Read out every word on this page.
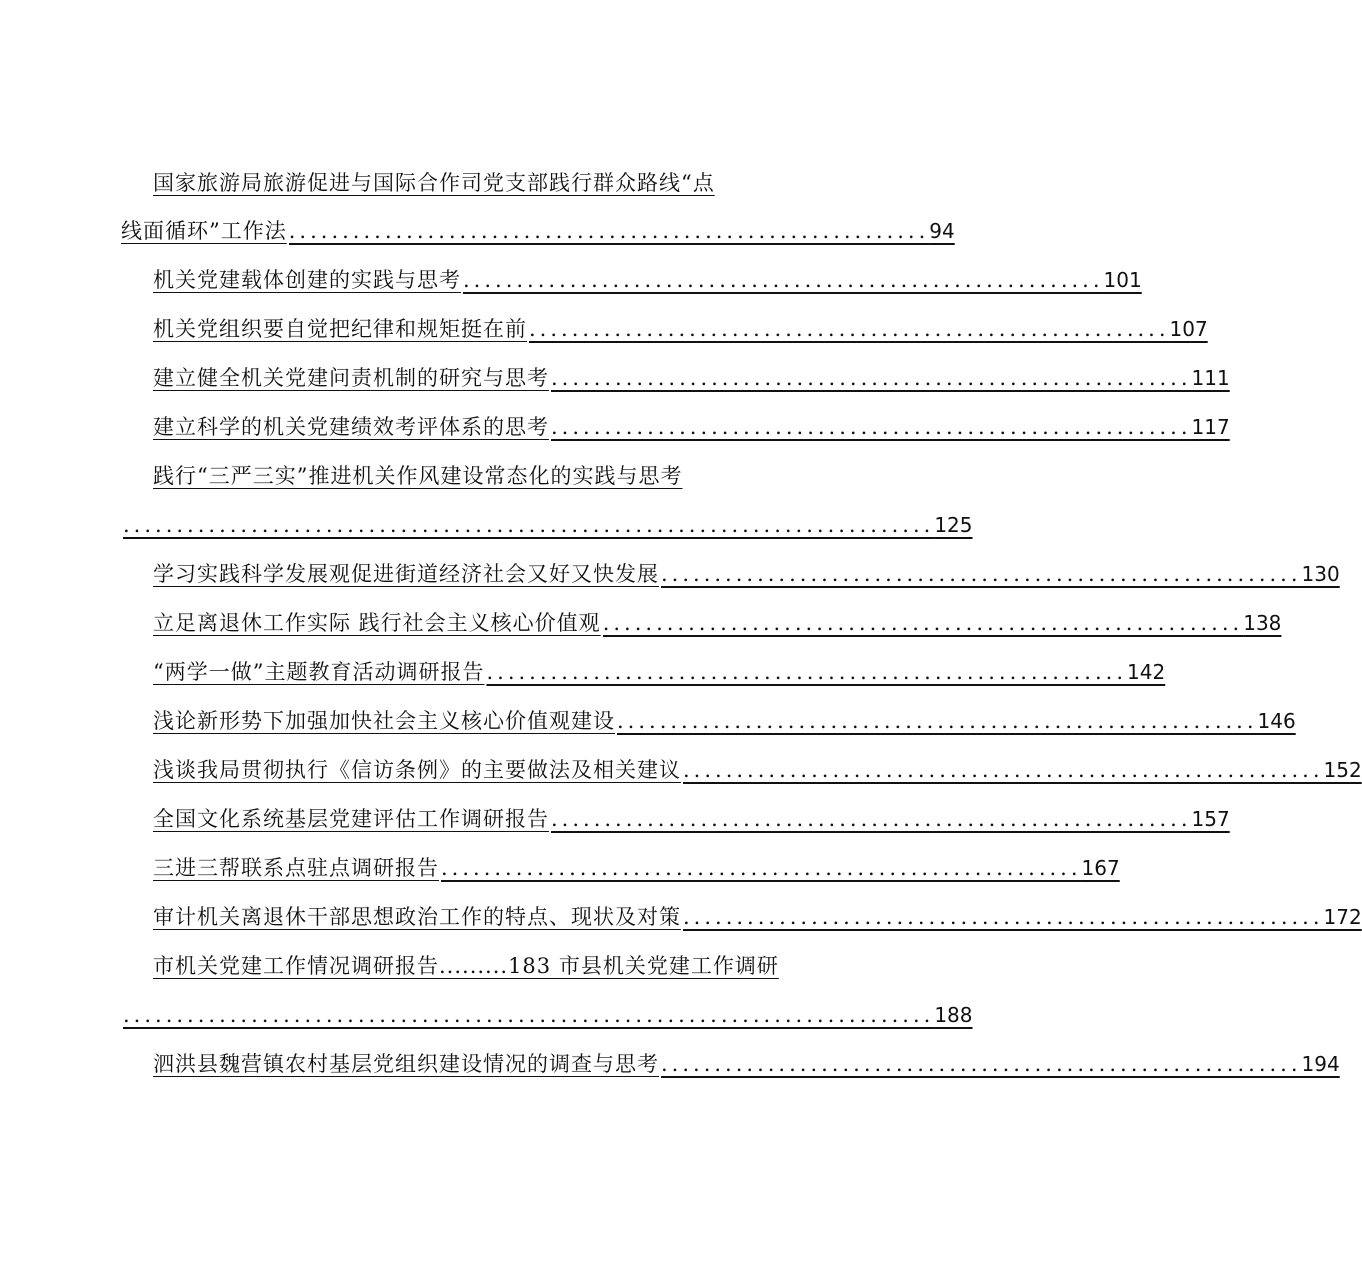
国家旅游局旅游促进与国际合作司党支部践行群众路线“点
线面循环”工作法 ............................................................ 94
机关党建载体创建的实践与思考 ............................................................ 101
机关党组织要自觉把纪律和规矩挺在前 ............................................................ 107
建立健全机关党建问责机制的研究与思考 ............................................................ 111
建立科学的机关党建绩效考评体系的思考 ............................................................ 117
践行“三严三实”推进机关作风建设常态化的实践与思考
............................................................................ 125
学习实践科学发展观促进街道经济社会又好又快发展 ............................................................ 130
立足离退休工作实际 践行社会主义核心价值观 ............................................................ 138
“两学一做”主题教育活动调研报告 ............................................................ 142
浅论新形势下加强加快社会主义核心价值观建设 ............................................................ 146
浅谈我局贯彻执行《信访条例》的主要做法及相关建议 ............................................................ 152
全国文化系统基层党建评估工作调研报告 ............................................................ 157
三进三帮联系点驻点调研报告 ............................................................ 167
审计机关离退休干部思想政治工作的特点、现状及对策 ............................................................ 172
市机关党建工作情况调研报告.........183 市县机关党建工作调研
............................................................................ 188
泗洪县魏营镇农村基层党组织建设情况的调查与思考 ............................................................ 194
